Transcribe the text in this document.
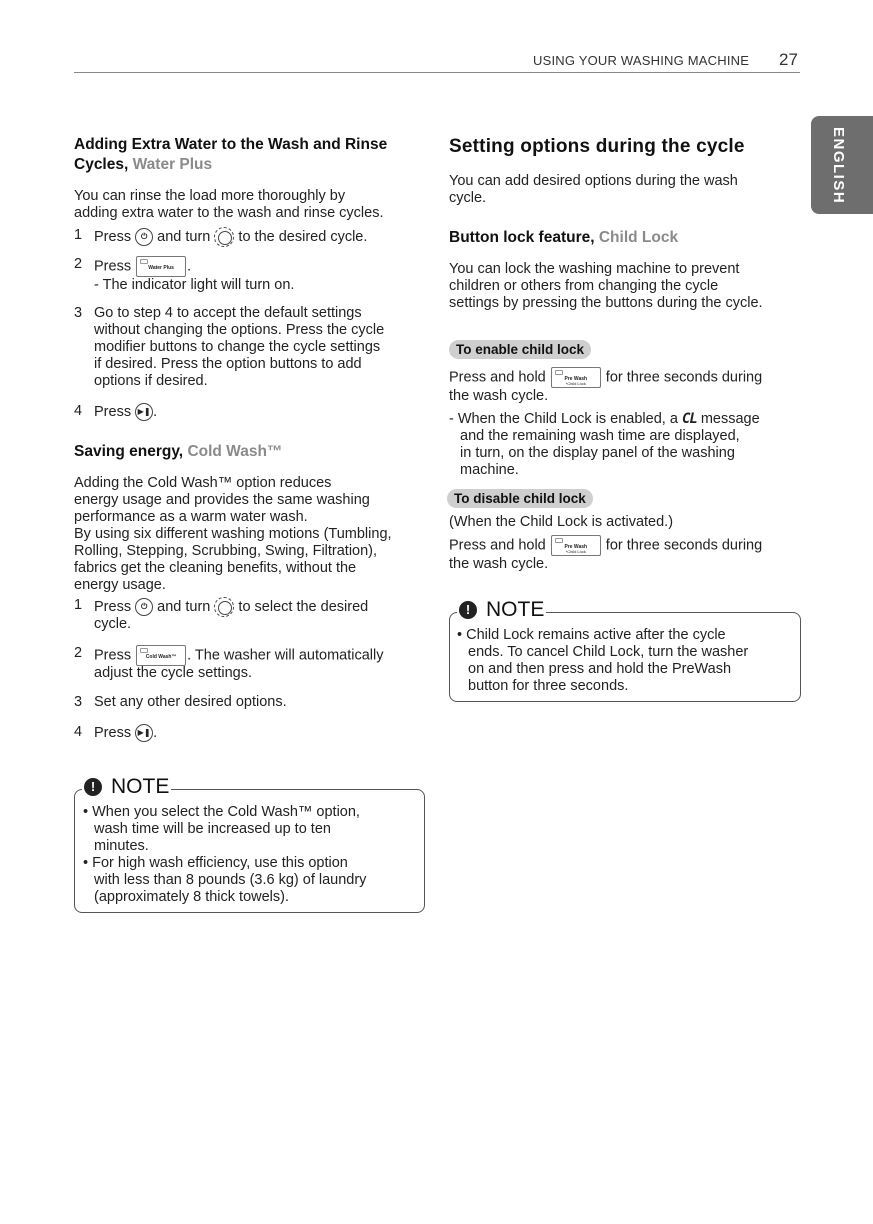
USING YOUR WASHING MACHINE 27
ENGLISH
Adding Extra Water to the Wash and Rinse
Cycles, Water Plus
You can rinse the load more thoroughly by
adding extra water to the wash and rinse cycles.
1 Press ⏻ and turn to the desired cycle.
2 Press	Water Plus .
- The indicator light will turn on.
3 Go to step 4 to accept the default settings
without changing the options. Press the cycle
modifier buttons to change the cycle settings
if desired. Press the option buttons to add
options if desired.
4 Press ▶❚ .
Saving energy, Cold Wash™
Adding the Cold Wash™ option reduces
energy usage and provides the same washing
performance as a warm water wash.
By using six different washing motions (Tumbling,
Rolling, Stepping, Scrubbing, Swing, Filtration),
fabrics get the cleaning benefits, without the
energy usage.
1 Press ⏻ and turn to select the desired
cycle.
2 Press	Cold Wash™ . The washer will automatically
adjust the cycle settings.
3 Set any other desired options.
4 Press ▶❚ .
! NOTE
• When you select the Cold Wash™ option,
wash time will be increased up to ten
minutes.
• For high wash efficiency, use this option
with less than 8 pounds (3.6 kg) of laundry
(approximately 8 thick towels).
Setting options during the cycle
You can add desired options during the wash
cycle.
Button lock feature, Child Lock
You can lock the washing machine to prevent
children or others from changing the cycle
settings by pressing the buttons during the cycle.
To enable child lock
Press and hold	Pre Wash
*Child Lock	for three seconds during
the wash cycle.
- When the Child Lock is enabled, a CL message
and the remaining wash time are displayed,
in turn, on the display panel of the washing
machine.
To disable child lock
(When the Child Lock is activated.)
Press and hold	Pre Wash
*Child Lock	for three seconds during
the wash cycle.
! NOTE
• Child Lock remains active after the cycle
ends. To cancel Child Lock, turn the washer
on and then press and hold the PreWash
button for three seconds.
